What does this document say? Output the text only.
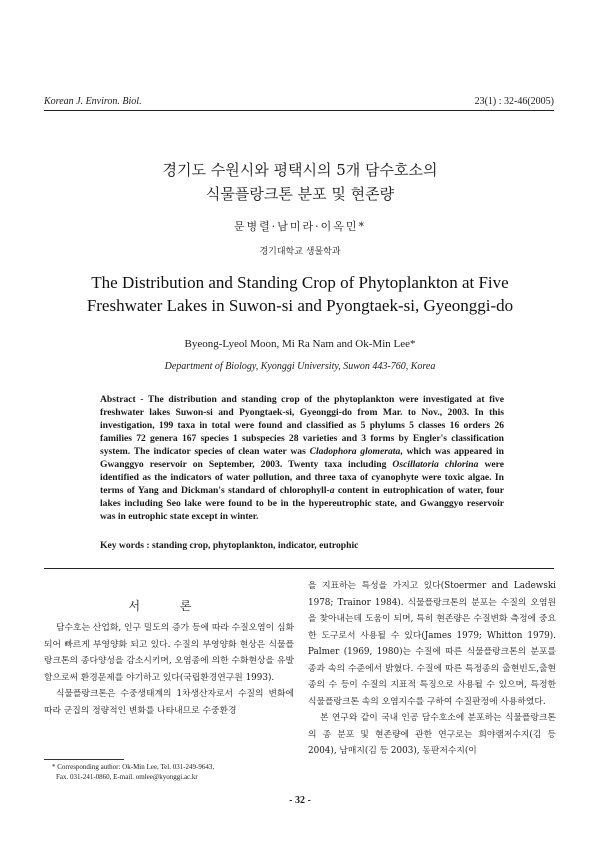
Korean J. Environ. Biol.	23(1) : 32-46(2005)
경기도 수원시와 평택시의 5개 담수호소의
식물플랑크톤 분포 및 현존량
문병렬·남미라·이옥민*
경기대학교 생물학과
The Distribution and Standing Crop of Phytoplankton at Five
Freshwater Lakes in Suwon-si and Pyongtaek-si, Gyeonggi-do
Byeong-Lyeol Moon, Mi Ra Nam and Ok-Min Lee*
Department of Biology, Kyonggi University, Suwon 443-760, Korea
Abstract - The distribution and standing crop of the phytoplankton were investigated at five freshwater lakes Suwon-si and Pyongtaek-si, Gyeonggi-do from Mar. to Nov., 2003. In this investigation, 199 taxa in total were found and classified as 5 phylums 5 classes 16 orders 26 families 72 genera 167 species 1 subspecies 28 varieties and 3 forms by Engler's classification system. The indicator species of clean water was Cladophora glomerata, which was appeared in Gwanggyo reservoir on September, 2003. Twenty taxa including Oscillatoria chlorina were identified as the indicators of water pollution, and three taxa of cyanophyte were toxic algae. In terms of Yang and Dickman's standard of chlorophyll-a content in eutrophication of water, four lakes including Seo lake were found to be in the hypereutrophic state, and Gwanggyo reservoir was in eutrophic state except in winter.
Key words : standing crop, phytoplankton, indicator, eutrophic
서 론

담수호는 산업화, 인구 밀도의 증가 등에 따라 수질오염이 심화되어 빠르게 부영양화 되고 있다. 수질의 부영양화 현상은 식물플랑크톤의 종다양성을 감소시키며, 오염종에 의한 수화현상을 유발함으로써 환경문제를 야기하고 있다(국립환경연구원 1993).

식물플랑크톤은 수중생태계의 1차생산자로서 수질의 변화에 따라 군집의 정량적인 변화를 나타내므로 수중환경

을 지표하는 특성을 가지고 있다(Stoermer and Ladewski 1978; Trainor 1984). 식물플랑크톤의 분포는 수질의 오염원을 찾아내는데 도움이 되며, 특히 현존량은 수질변화 측정에 중요한 도구로서 사용될 수 있다(James 1979; Whitton 1979). Palmer (1969, 1980)는 수질에 따른 식물플랑크톤의 분포를 종과 속의 수준에서 밝혔다. 수질에 따른 특정종의 출현빈도,출현종의 수 등이 수질의 지표적 특징으로 사용될 수 있으며, 특정한 식물플랑크톤 속의 오염지수를 구하여 수질판정에 사용하였다.

본 연구와 같이 국내 인공 담수호소에 분포하는 식물플랑크톤의 종 분포 및 현존량에 관한 연구로는 희야램저수지(김 등 2004), 남매지(김 등 2003), 동판저수지(이

* Corresponding author: Ok-Min Lee, Tel. 031-249-9643,
Fax. 031-241-0860, E-mail. omlee@kyonggi.ac.kr
- 32 -
